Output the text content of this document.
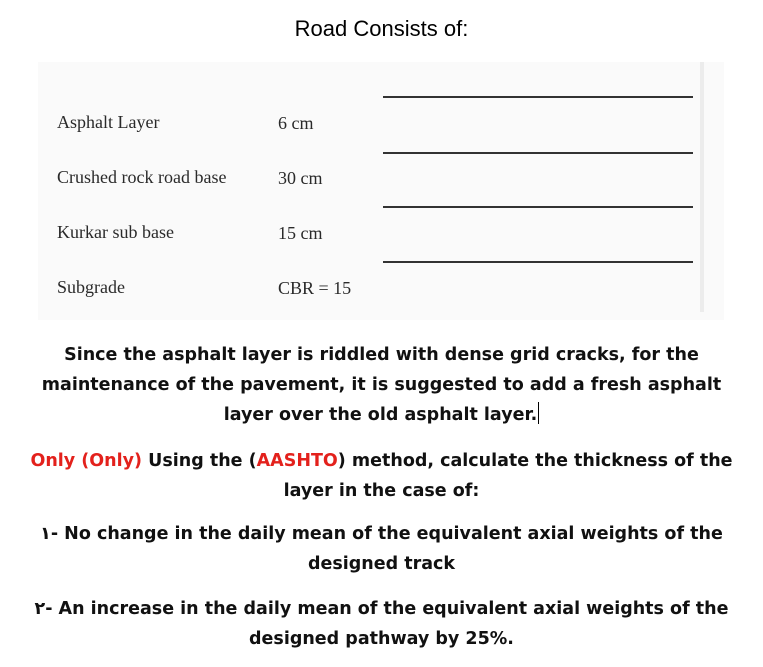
Road Consists of:
Asphalt Layer	6 cm
Crushed rock road base	30 cm
Kurkar sub base	15 cm
Subgrade	CBR = 15
Since the asphalt layer is riddled with dense grid cracks, for the maintenance of the pavement, it is suggested to add a fresh asphalt layer over the old asphalt layer.
Only (Only) Using the (AASHTO) method, calculate the thickness of the layer in the case of:
١- No change in the daily mean of the equivalent axial weights of the designed track
٢- An increase in the daily mean of the equivalent axial weights of the designed pathway by 25%.
